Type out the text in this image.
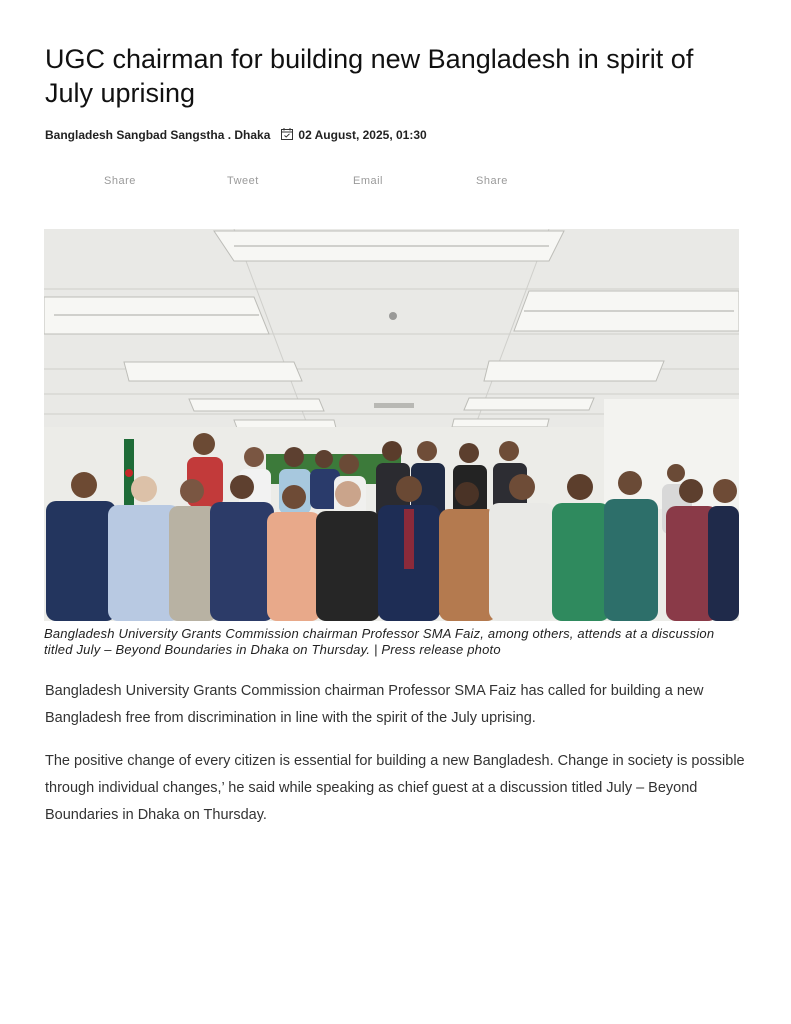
UGC chairman for building new Bangladesh in spirit of July uprising
Bangladesh Sangbad Sangstha . Dhaka 02 August, 2025, 01:30
Share	Tweet	Email	Share

Bangladesh University Grants Commission chairman Professor SMA Faiz, among others, attends at a discussion titled July – Beyond Boundaries in Dhaka on Thursday. | Press release photo

Bangladesh University Grants Commission chairman Professor SMA Faiz has called for building a new Bangladesh free from discrimination in line with the spirit of the July uprising.

The positive change of every citizen is essential for building a new Bangladesh. Change in society is possible through individual changes,’ he said while speaking as chief guest at a discussion titled July – Beyond Boundaries in Dhaka on Thursday.
